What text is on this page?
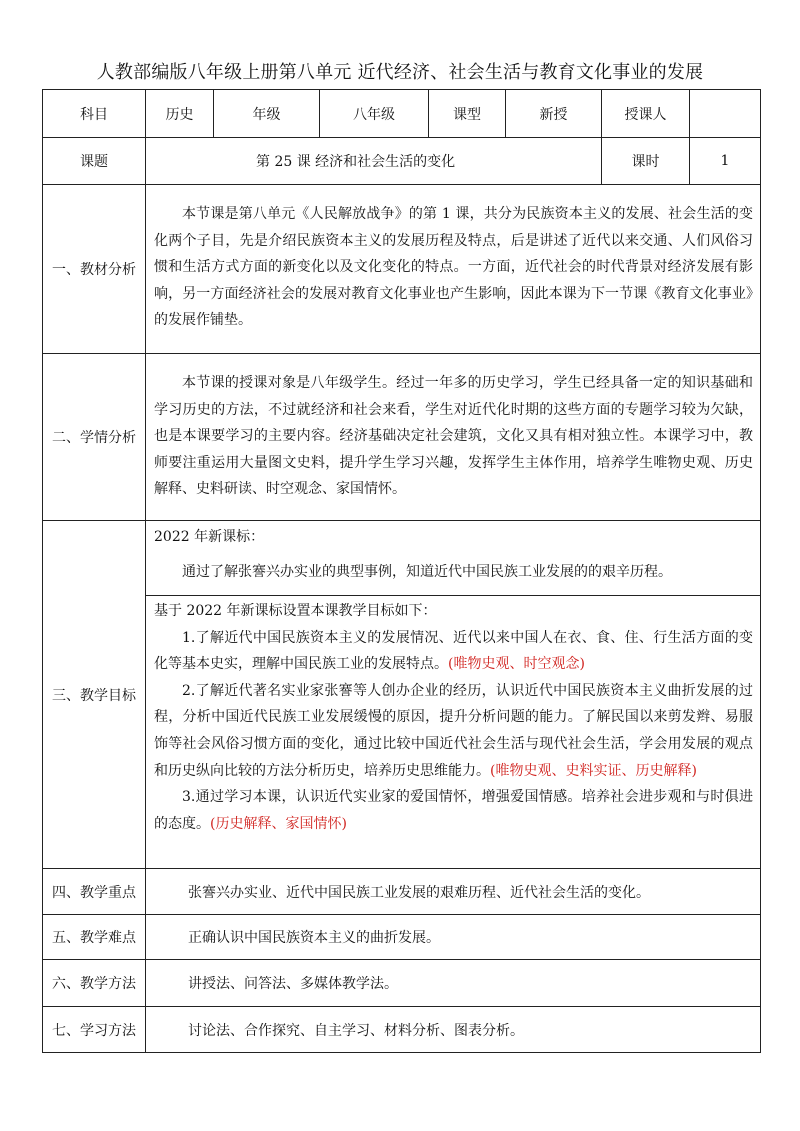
人教部编版八年级上册第八单元 近代经济、社会生活与教育文化事业的发展
科目	历史	年级	八年级	课型	新授	授课人	
课题	第 25 课 经济和社会生活的变化					课时	1
一、教材分析	本节课是第八单元《人民解放战争》的第 1 课，共分为民族资本主义的发展、社会生活的变化两个子目，先是介绍民族资本主义的发展历程及特点，后是讲述了近代以来交通、人们风俗习惯和生活方式方面的新变化以及文化变化的特点。一方面，近代社会的时代背景对经济发展有影响，另一方面经济社会的发展对教育文化事业也产生影响，因此本课为下一节课《教育文化事业》的发展作铺垫。						

二、学情分析	本节课的授课对象是八年级学生。经过一年多的历史学习，学生已经具备一定的知识基础和学习历史的方法，不过就经济和社会来看，学生对近代化时期的这些方面的专题学习较为欠缺，也是本课要学习的主要内容。经济基础决定社会建筑，文化又具有相对独立性。本课学习中，教师要注重运用大量图文史料，提升学生学习兴趣，发挥学生主体作用，培养学生唯物史观、历史解释、史料研读、时空观念、家国情怀。						

三、教学目标	2022 年新课标：

通过了解张謇兴办实业的典型事例，知道近代中国民族工业发展的的艰辛历程。						

	基于 2022 年新课标设置本课教学目标如下：

1.了解近代中国民族资本主义的发展情况、近代以来中国人在衣、食、住、行生活方面的变化等基本史实，理解中国民族工业的发展特点。(唯物史观、时空观念)

2.了解近代著名实业家张謇等人创办企业的经历，认识近代中国民族资本主义曲折发展的过程，分析中国近代民族工业发展缓慢的原因，提升分析问题的能力。了解民国以来剪发辫、易服饰等社会风俗习惯方面的变化，通过比较中国近代社会生活与现代社会生活，学会用发展的观点和历史纵向比较的方法分析历史，培养历史思维能力。(唯物史观、史料实证、历史解释)

3.通过学习本课，认识近代实业家的爱国情怀，增强爱国情感。培养社会进步观和与时俱进的态度。(历史解释、家国情怀)						

四、教学重点	张謇兴办实业、近代中国民族工业发展的艰难历程、近代社会生活的变化。						
五、教学难点	正确认识中国民族资本主义的曲折发展。						
六、教学方法	讲授法、问答法、多媒体教学法。						
七、学习方法	讨论法、合作探究、自主学习、材料分析、图表分析。						
